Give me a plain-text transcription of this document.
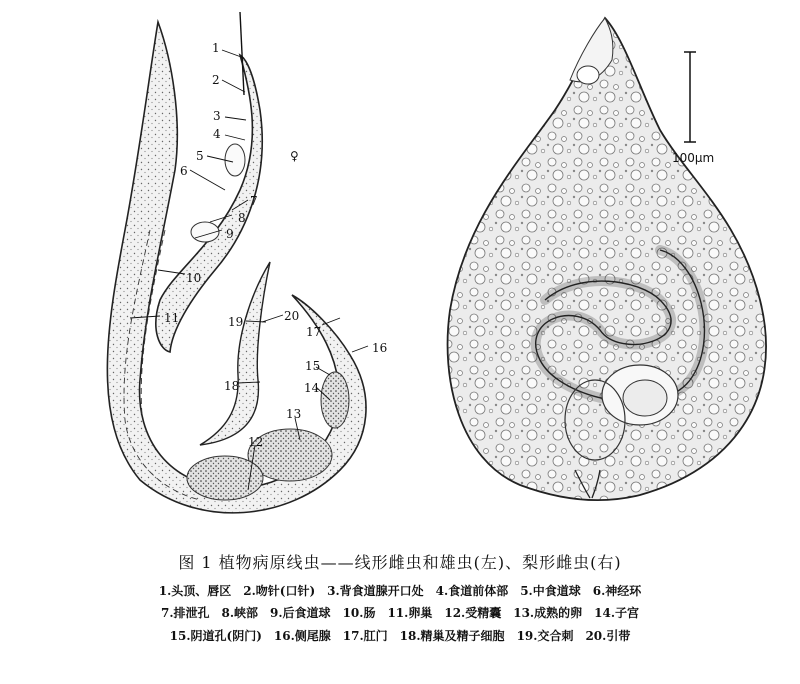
1
2
3
4
5
6
7
8
9
10
11	19	20
17
16
15
18	14
13
12
♀	100μm
图 1 植物病原线虫——线形雌虫和雄虫(左)、梨形雌虫(右)
1.头顶、唇区 2.吻针(口针) 3.背食道腺开口处 4.食道前体部 5.中食道球 6.神经环
7.排泄孔 8.峡部 9.后食道球 10.肠 11.卵巢 12.受精囊 13.成熟的卵 14.子宫
15.阴道孔(阴门) 16.侧尾腺 17.肛门 18.精巢及精子细胞 19.交合刺 20.引带
